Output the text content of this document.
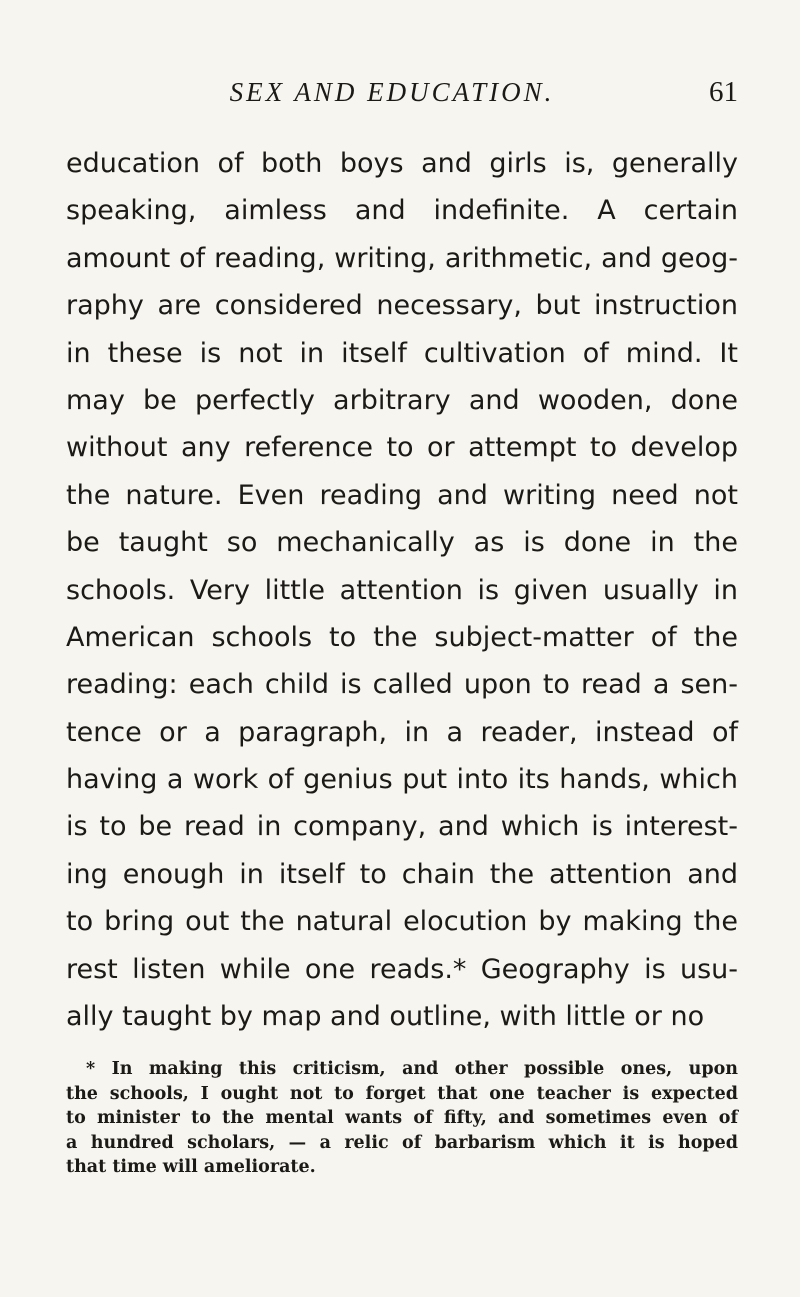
SEX AND EDUCATION.	61
education of both boys and girls is, generally
speaking, aimless and indefinite. A certain
amount of reading, writing, arithmetic, and geog-
raphy are considered necessary, but instruction
in these is not in itself cultivation of mind. It
may be perfectly arbitrary and wooden, done
without any reference to or attempt to develop
the nature. Even reading and writing need not
be taught so mechanically as is done in the
schools. Very little attention is given usually in
American schools to the subject-matter of the
reading: each child is called upon to read a sen-
tence or a paragraph, in a reader, instead of
having a work of genius put into its hands, which
is to be read in company, and which is interest-
ing enough in itself to chain the attention and
to bring out the natural elocution by making the
rest listen while one reads.* Geography is usu-
ally taught by map and outline, with little or no
* In making this criticism, and other possible ones, upon
the schools, I ought not to forget that one teacher is expected
to minister to the mental wants of fifty, and sometimes even of
a hundred scholars, — a relic of barbarism which it is hoped
that time will ameliorate.
